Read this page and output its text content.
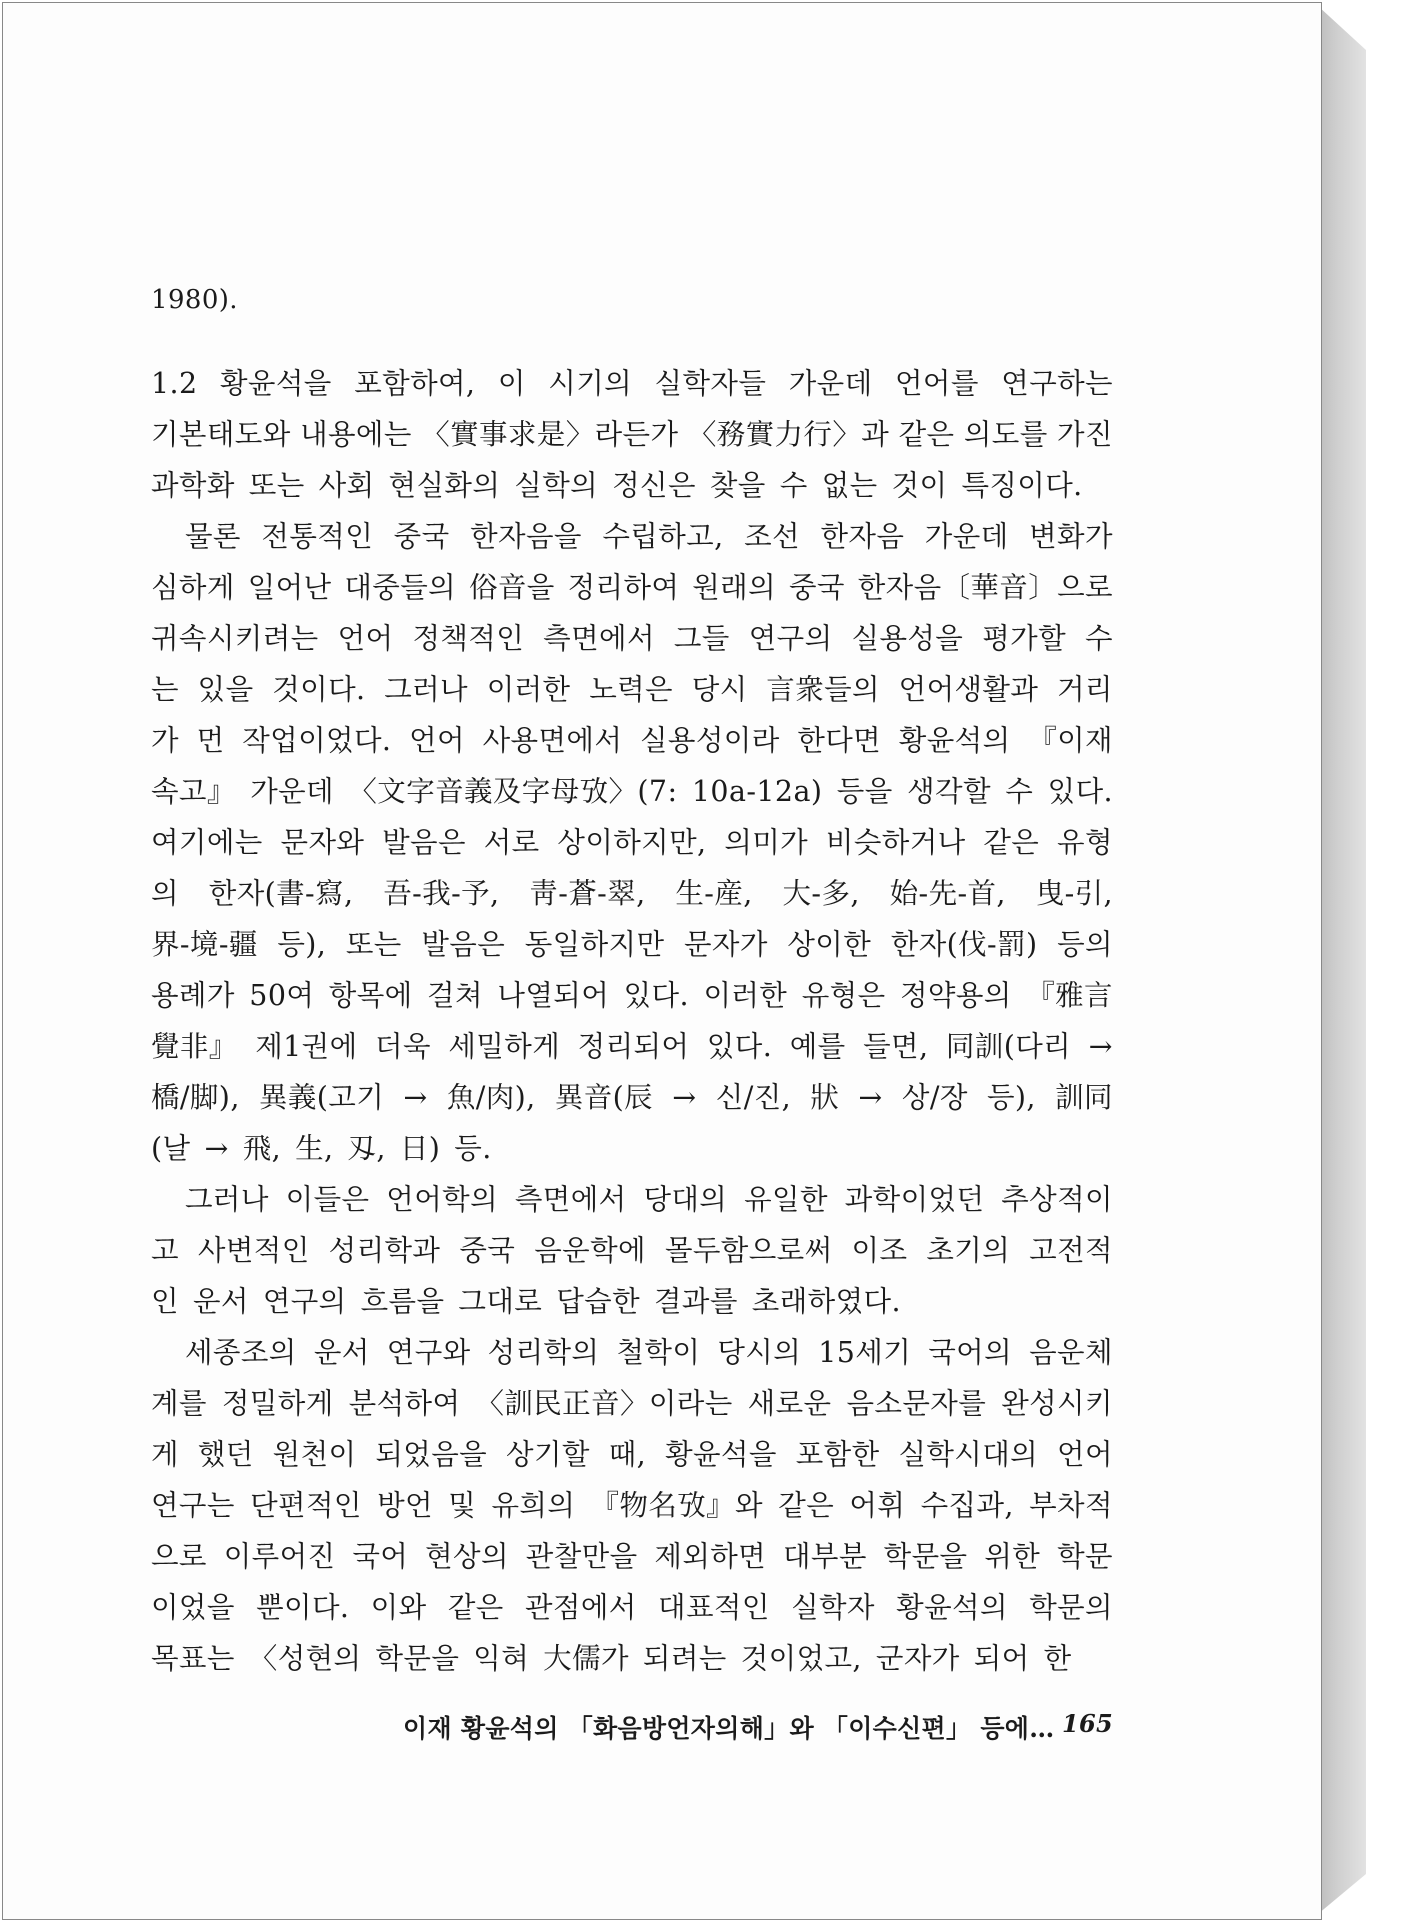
1980).
1.2 황윤석을 포함하여, 이 시기의 실학자들 가운데 언어를 연구하는
기본태도와 내용에는 〈實事求是〉라든가 〈務實力行〉과 같은 의도를 가진
과학화 또는 사회 현실화의 실학의 정신은 찾을 수 없는 것이 특징이다.
물론 전통적인 중국 한자음을 수립하고, 조선 한자음 가운데 변화가
심하게 일어난 대중들의 俗音을 정리하여 원래의 중국 한자음〔華音〕으로
귀속시키려는 언어 정책적인 측면에서 그들 연구의 실용성을 평가할 수
는 있을 것이다. 그러나 이러한 노력은 당시 言衆들의 언어생활과 거리
가 먼 작업이었다. 언어 사용면에서 실용성이라 한다면 황윤석의 『이재
속고』 가운데 〈文字音義及字母攷〉(7: 10a-12a) 등을 생각할 수 있다.
여기에는 문자와 발음은 서로 상이하지만, 의미가 비슷하거나 같은 유형
의 한자(書-寫, 吾-我-予, 靑-蒼-翠, 生-産, 大-多, 始-先-首, 曳-引,
界-境-疆 등), 또는 발음은 동일하지만 문자가 상이한 한자(伐-罰) 등의
용례가 50여 항목에 걸쳐 나열되어 있다. 이러한 유형은 정약용의 『雅言
覺非』 제1권에 더욱 세밀하게 정리되어 있다. 예를 들면, 同訓(다리 →
橋/脚), 異義(고기 → 魚/肉), 異音(辰 → 신/진, 狀 → 상/장 등), 訓同
(날 → 飛, 生, 刄, 日) 등.
그러나 이들은 언어학의 측면에서 당대의 유일한 과학이었던 추상적이
고 사변적인 성리학과 중국 음운학에 몰두함으로써 이조 초기의 고전적
인 운서 연구의 흐름을 그대로 답습한 결과를 초래하였다.
세종조의 운서 연구와 성리학의 철학이 당시의 15세기 국어의 음운체
계를 정밀하게 분석하여 〈訓民正音〉이라는 새로운 음소문자를 완성시키
게 했던 원천이 되었음을 상기할 때, 황윤석을 포함한 실학시대의 언어
연구는 단편적인 방언 및 유희의 『物名攷』와 같은 어휘 수집과, 부차적
으로 이루어진 국어 현상의 관찰만을 제외하면 대부분 학문을 위한 학문
이었을 뿐이다. 이와 같은 관점에서 대표적인 실학자 황윤석의 학문의
목표는 〈성현의 학문을 익혀 大儒가 되려는 것이었고, 군자가 되어 한
이재 황윤석의 「화음방언자의해」와 「이수신편」 등에… 165
